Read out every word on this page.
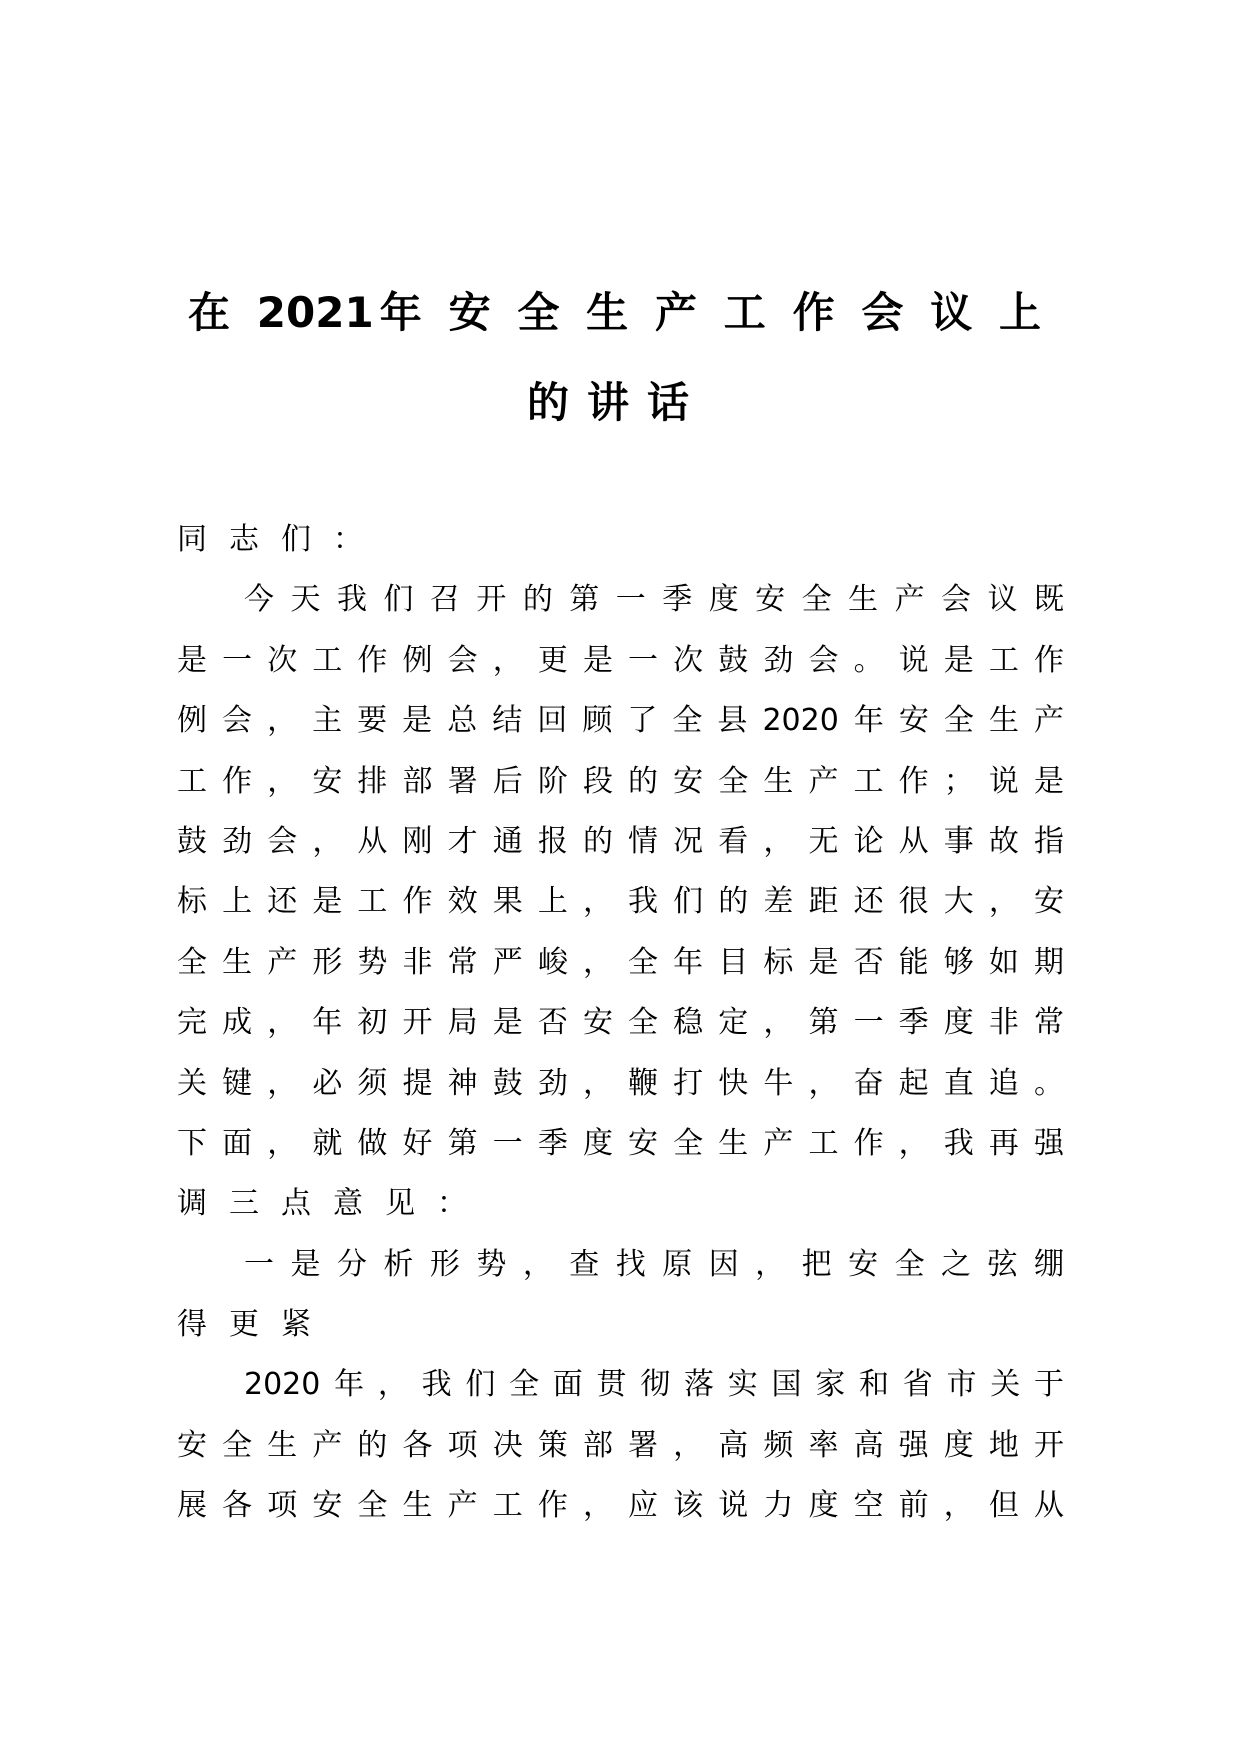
在 2021年 安 全 生 产 工 作 会 议 上
的讲话
同志们：
今天我们召开的第一季度安全生产会议既
是一次工作例会，更是一次鼓劲会。说是工作
例会，主要是总结回顾了全县2020年安全生产
工作，安排部署后阶段的安全生产工作；说是
鼓劲会，从刚才通报的情况看，无论从事故指
标上还是工作效果上，我们的差距还很大，安
全生产形势非常严峻，全年目标是否能够如期
完成，年初开局是否安全稳定，第一季度非常
关键，必须提神鼓劲，鞭打快牛，奋起直追。
下面，就做好第一季度安全生产工作，我再强
调三点意见：
一是分析形势，查找原因，把安全之弦绷
得更紧
2020年，我们全面贯彻落实国家和省市关于
安全生产的各项决策部署，高频率高强度地开
展各项安全生产工作，应该说力度空前，但从
